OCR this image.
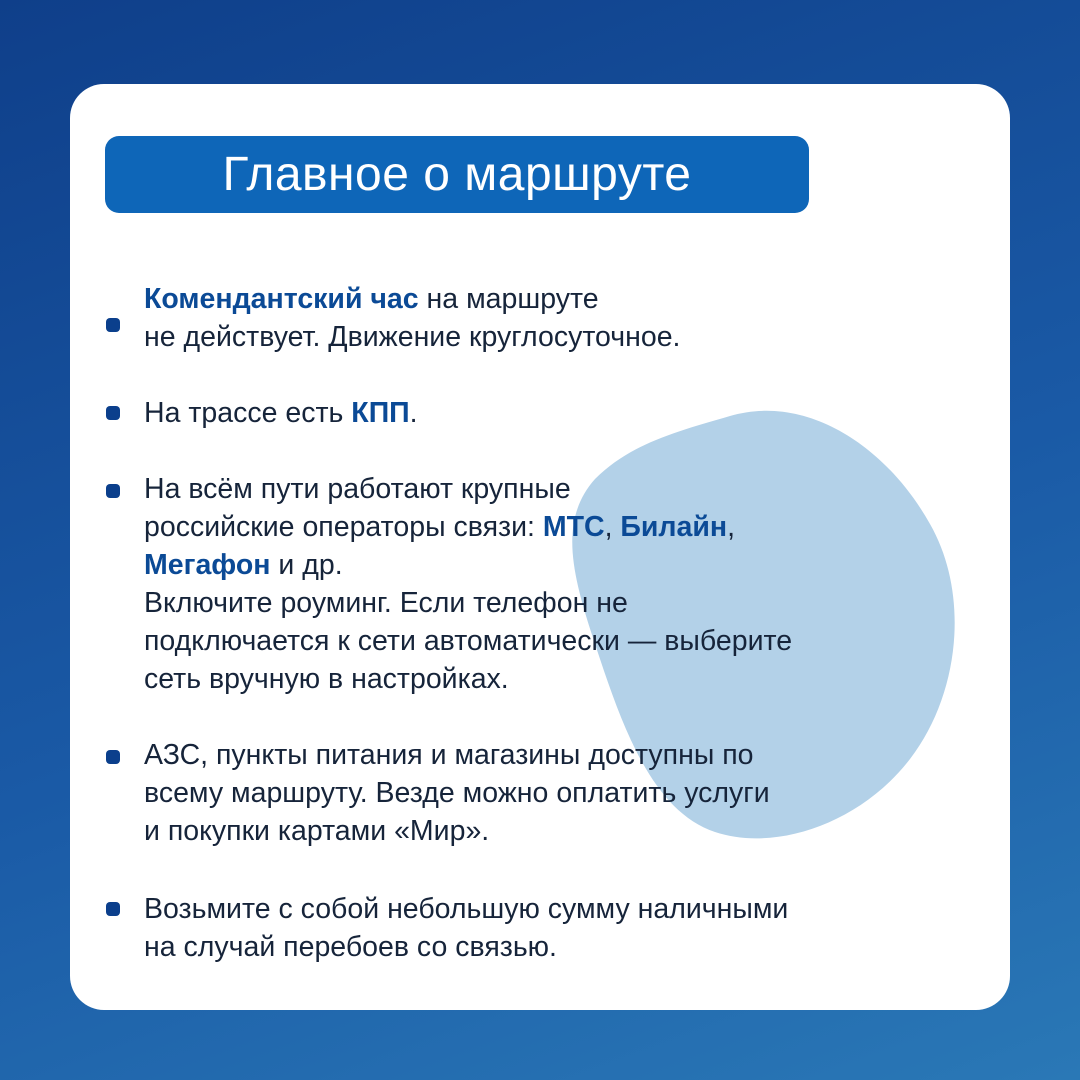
Главное о маршруте
Комендантский час на маршруте
не действует. Движение круглосуточное.
На трассе есть КПП.
На всём пути работают крупные
российские операторы связи: МТС, Билайн,
Мегафон и др.
Включите роуминг. Если телефон не
подключается к сети автоматически — выберите
сеть вручную в настройках.
АЗС, пункты питания и магазины доступны по
всему маршруту. Везде можно оплатить услуги
и покупки картами «Мир».
Возьмите с собой небольшую сумму наличными
на случай перебоев со связью.
